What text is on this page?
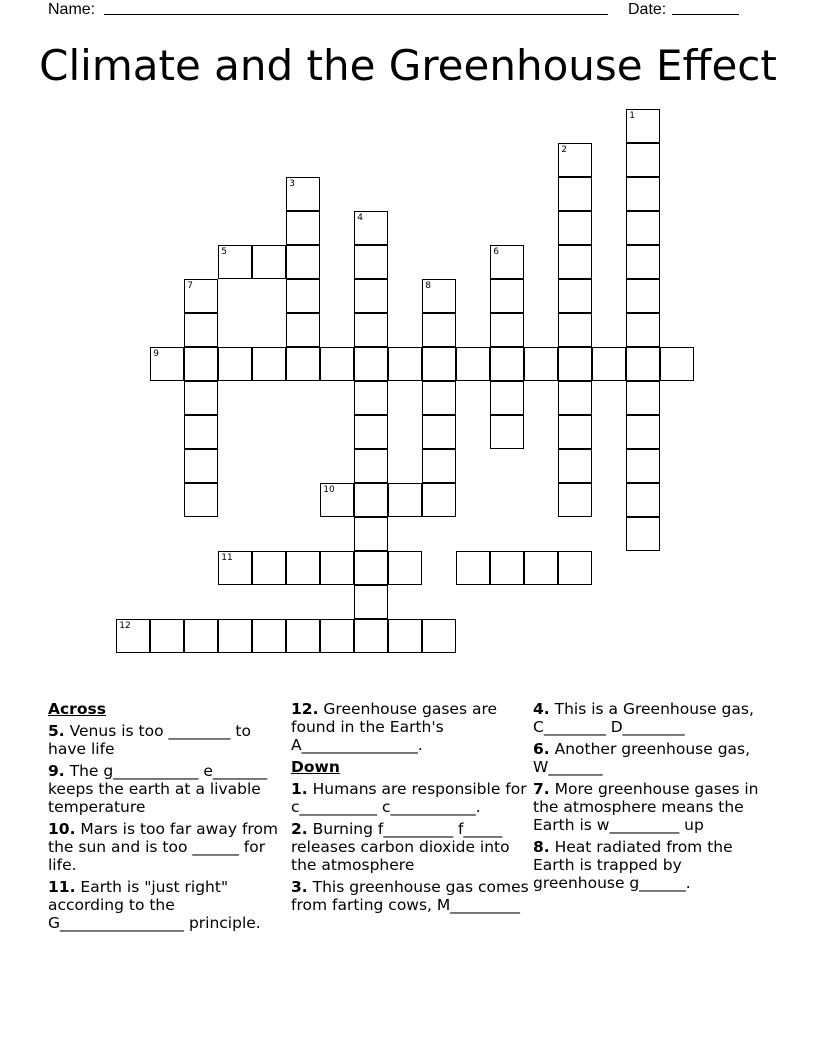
Name:	Date:
Climate and the Greenhouse Effect
1
2
3
4
5	6
7	8
9
10
11
12
Across
5. Venus is too ________ to have life
9. The g___________ e_______ keeps the earth at a livable temperature
10. Mars is too far away from the sun and is too ______ for life.
11. Earth is "just right" according to the G________________ principle.
12. Greenhouse gases are found in the Earth's A_______________.
Down
1. Humans are responsible for c__________ c___________.
2. Burning f_________ f_____ releases carbon dioxide into the atmosphere
3. This greenhouse gas comes from farting cows, M_________
4. This is a Greenhouse gas, C________ D________
6. Another greenhouse gas, W_______
7. More greenhouse gases in the atmosphere means the Earth is w_________ up
8. Heat radiated from the Earth is trapped by greenhouse g______.
